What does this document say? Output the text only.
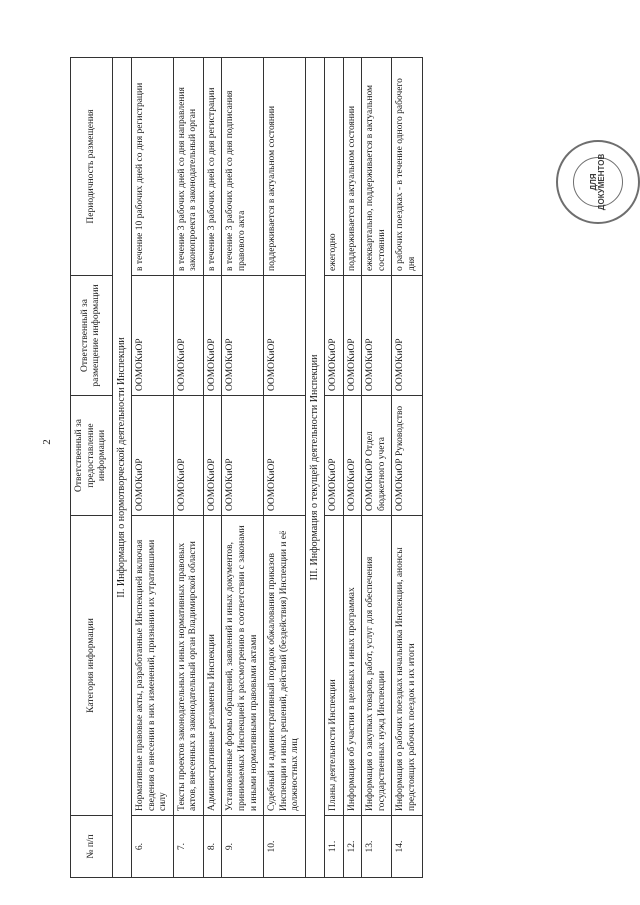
2
№ п/п	Категория информации	Ответственный за предоставление информации	Ответственный за размещение информации	Периодичность размещения
II. Информация о нормотворческой деятельности Инспекции				
6.	Нормативные правовые акты, разработанные Инспекцией включая сведения о внесении в них изменений, признании их утратившими силу	ООМОКиОР	ООМОКиОР	в течение 10 рабочих дней со дня регистрации
7.	Тексты проектов законодательных и иных нормативных правовых актов, внесенных в законодательный орган Владимирской области	ООМОКиОР	ООМОКиОР	в течение 3 рабочих дней со дня направления законопроекта в законодательный орган
8.	Административные регламенты Инспекции	ООМОКиОР	ООМОКиОР	в течение 3 рабочих дней со дня регистрации
9.	Установленные формы обращений, заявлений и иных документов, принимаемых Инспекцией к рассмотрению в соответствии с законами и иными нормативными правовыми актами	ООМОКиОР	ООМОКиОР	в течение 3 рабочих дней со дня подписания правового акта
10.	Судебный и административный порядок обжалования приказов Инспекции и иных решений, действий (бездействия) Инспекции и её должностных лиц	ООМОКиОР	ООМОКиОР	поддерживается в актуальном состоянии
III. Информация о текущей деятельности Инспекции				
11.	Планы деятельности Инспекции	ООМОКиОР	ООМОКиОР	ежегодно
12.	Информация об участии в целевых и иных программах	ООМОКиОР	ООМОКиОР	поддерживается в актуальном состоянии
13.	Информация о закупках товаров, работ, услуг для обеспечения государственных нужд Инспекции	ООМОКиОР Отдел бюджетного учета	ООМОКиОР	ежеквартально, поддерживается в актуальном состоянии
14.	Информация о рабочих поездках начальника Инспекции, анонсы предстоящих рабочих поездок и их итоги	ООМОКиОР Руководство	ООМОКиОР	о рабочих поездках - в течение одного рабочего дня
ДЛЯ ДОКУМЕНТОВ
